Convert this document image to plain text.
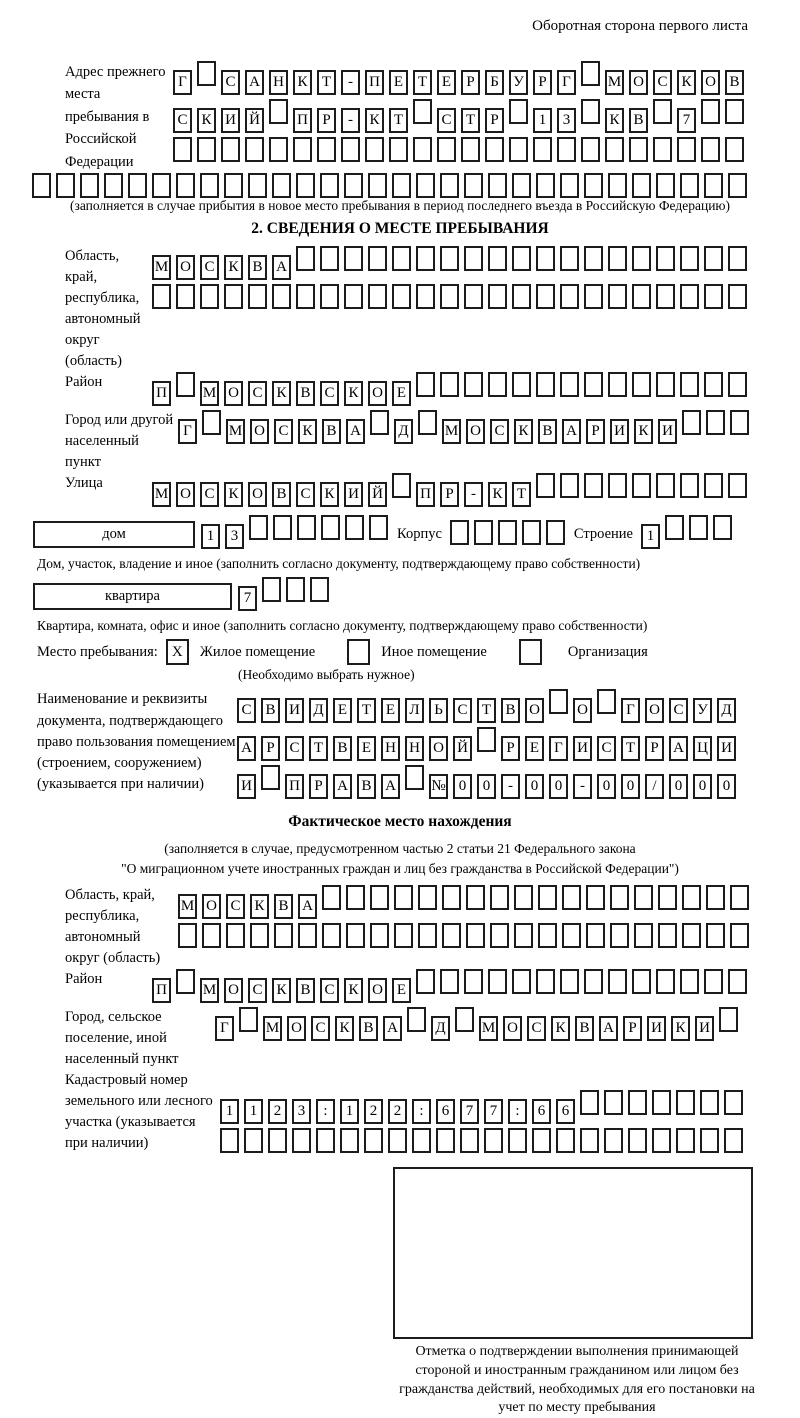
Оборотная сторона первого листа
Адрес прежнего места пребывания в Российской Федерации
Г	С А Н К Т - П Е Т Е Р Б У Р Г М О С К О В
С К И Й П Р - К Т	С Т Р	1 3	К В	7
(заполняется в случае прибытия в новое место пребывания в период последнего въезда в Российскую Федерацию)
2. СВЕДЕНИЯ О МЕСТЕ ПРЕБЫВАНИЯ
Область, край, республика, автономный округ (область)
М О С К В А
Район
П М О С К В С К О Е
Город или другой населенный пункт
Г М О С К В А Д М О С К В А Р И К И
Улица
М О С К О В С К И Й П Р - К Т
дом	1 3	Корпус	Строение 1
Дом, участок, владение и иное (заполнить согласно документу, подтверждающему право собственности)
квартира	7
Квартира, комната, офис и иное (заполнить согласно документу, подтверждающему право собственности)
Место пребывания: X	Жилое помещение	Иное помещение	Организация
(Необходимо выбрать нужное)
Наименование и реквизиты документа, подтверждающего право пользования помещением (строением, сооружением) (указывается при наличии)
С В И Д Е Т Е Л Ь С Т В О О	Г О С У Д
А Р С Т В Е Н Н О Й	Р Е Г И С Т Р А Ц И
И П Р А В А № 0 0 - 0 0 - 0 0 / 0 0 0
Фактическое место нахождения
(заполняется в случае, предусмотренном частью 2 статьи 21 Федерального закона
"О миграционном учете иностранных граждан и лиц без гражданства в Российской Федерации")
Область, край, республика, автономный округ (область)
М О С К В А
Район
П М О С К В С К О Е
Город, сельское поселение, иной населенный пункт
Г М О С К В А Д М О С К В А Р И К И
Кадастровый номер земельного или лесного участка (указывается при наличии)
1 1 2 3 : 1 2 2 : 6 7 7 : 6 6
Отметка о подтверждении выполнения принимающей стороной и иностранным гражданином или лицом без гражданства действий, необходимых для его постановки на учет по месту пребывания
